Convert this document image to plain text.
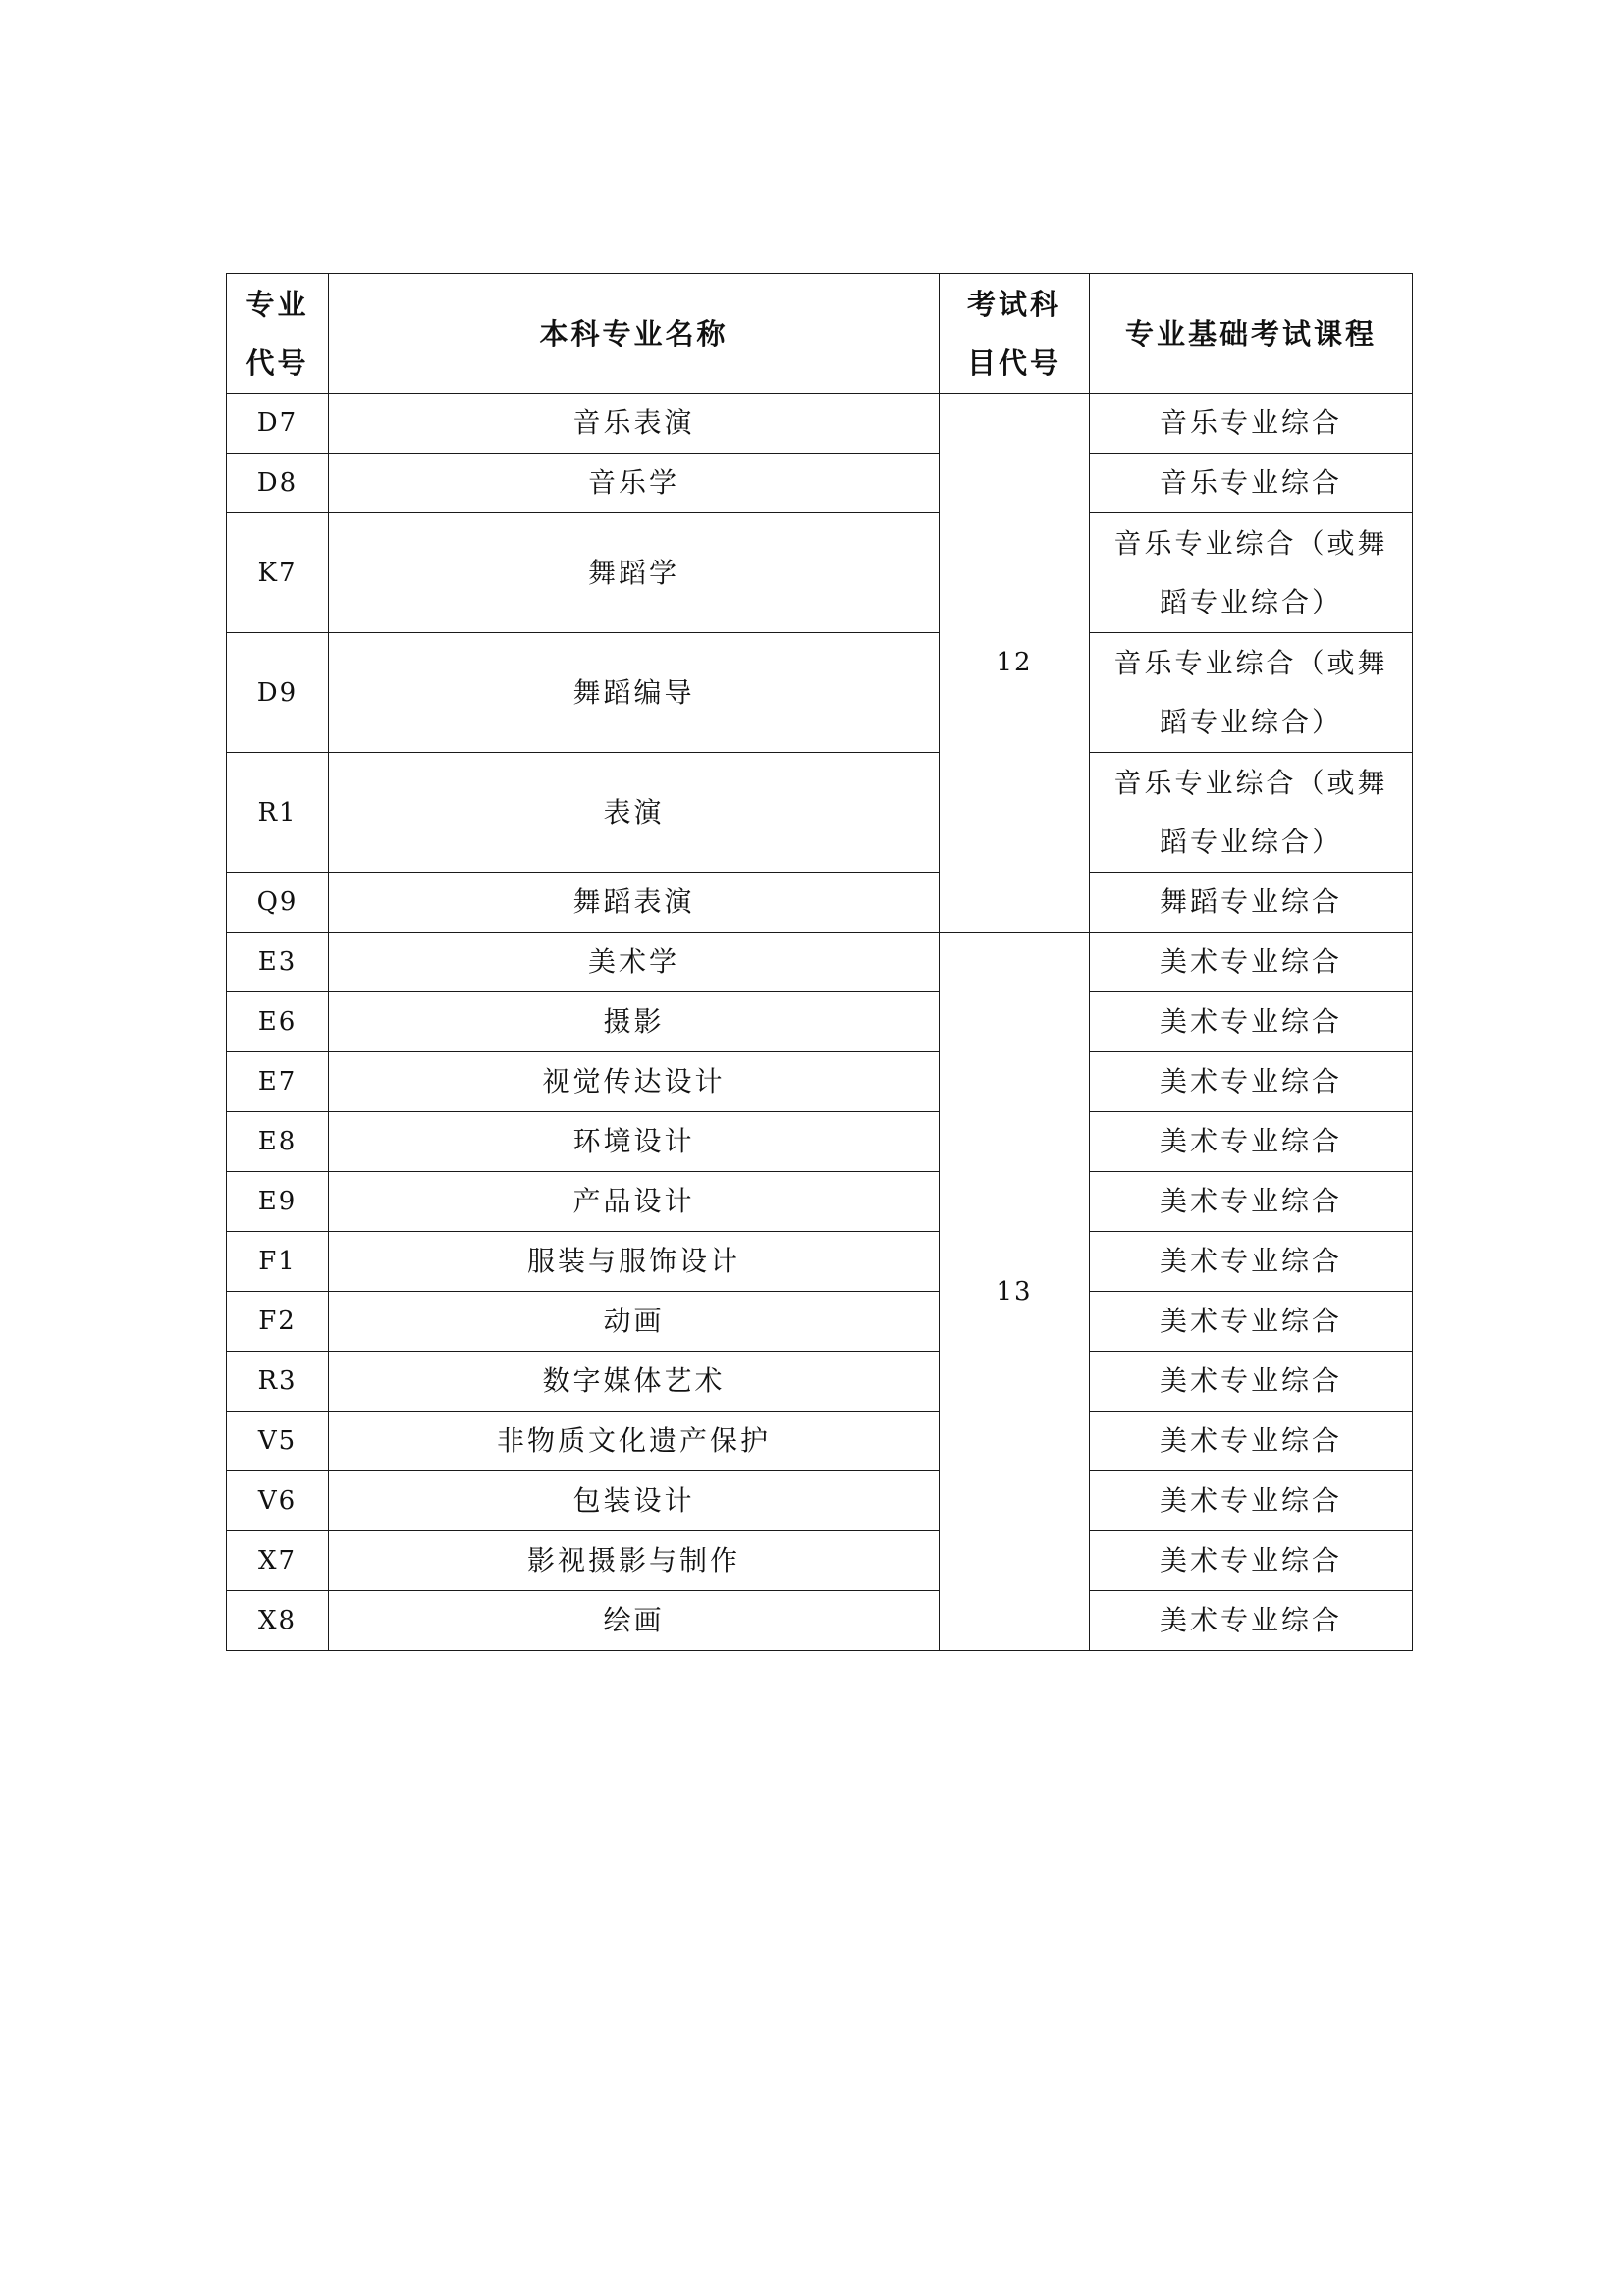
专业代号	本科专业名称	考试科目代号	专业基础考试课程
D7	音乐表演	12	音乐专业综合

D8	音乐学		音乐专业综合

K7	舞蹈学		音乐专业综合（或舞蹈专业综合）

D9	舞蹈编导		音乐专业综合（或舞蹈专业综合）

R1	表演		音乐专业综合（或舞蹈专业综合）

Q9	舞蹈表演		舞蹈专业综合

E3	美术学	13	美术专业综合

E6	摄影		美术专业综合

E7	视觉传达设计		美术专业综合

E8	环境设计		美术专业综合

E9	产品设计		美术专业综合

F1	服装与服饰设计		美术专业综合

F2	动画		美术专业综合

R3	数字媒体艺术		美术专业综合

V5	非物质文化遗产保护		美术专业综合

V6	包装设计		美术专业综合

X7	影视摄影与制作		美术专业综合

X8	绘画		美术专业综合
